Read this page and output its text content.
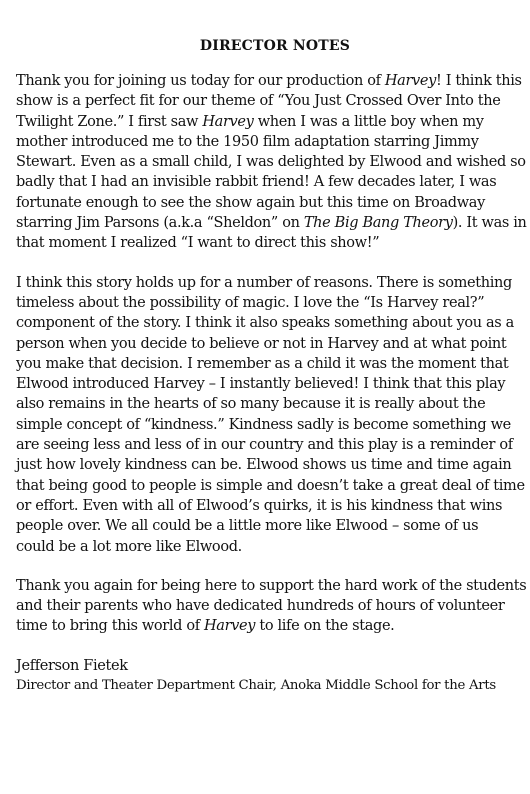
DIRECTOR NOTES
Thank you for joining us today for our production of Harvey! I think this
show is a perfect fit for our theme of “You Just Crossed Over Into the
Twilight Zone.” I first saw Harvey when I was a little boy when my
mother introduced me to the 1950 film adaptation starring Jimmy
Stewart. Even as a small child, I was delighted by Elwood and wished so
badly that I had an invisible rabbit friend! A few decades later, I was
fortunate enough to see the show again but this time on Broadway
starring Jim Parsons (a.k.a “Sheldon” on The Big Bang Theory). It was in
that moment I realized “I want to direct this show!”
I think this story holds up for a number of reasons. There is something
timeless about the possibility of magic. I love the “Is Harvey real?”
component of the story. I think it also speaks something about you as a
person when you decide to believe or not in Harvey and at what point
you make that decision. I remember as a child it was the moment that
Elwood introduced Harvey – I instantly believed! I think that this play
also remains in the hearts of so many because it is really about the
simple concept of “kindness.” Kindness sadly is become something we
are seeing less and less of in our country and this play is a reminder of
just how lovely kindness can be. Elwood shows us time and time again
that being good to people is simple and doesn’t take a great deal of time
or effort. Even with all of Elwood’s quirks, it is his kindness that wins
people over. We all could be a little more like Elwood – some of us
could be a lot more like Elwood.
Thank you again for being here to support the hard work of the students
and their parents who have dedicated hundreds of hours of volunteer
time to bring this world of Harvey to life on the stage.
Jefferson Fietek
Director and Theater Department Chair, Anoka Middle School for the Arts
